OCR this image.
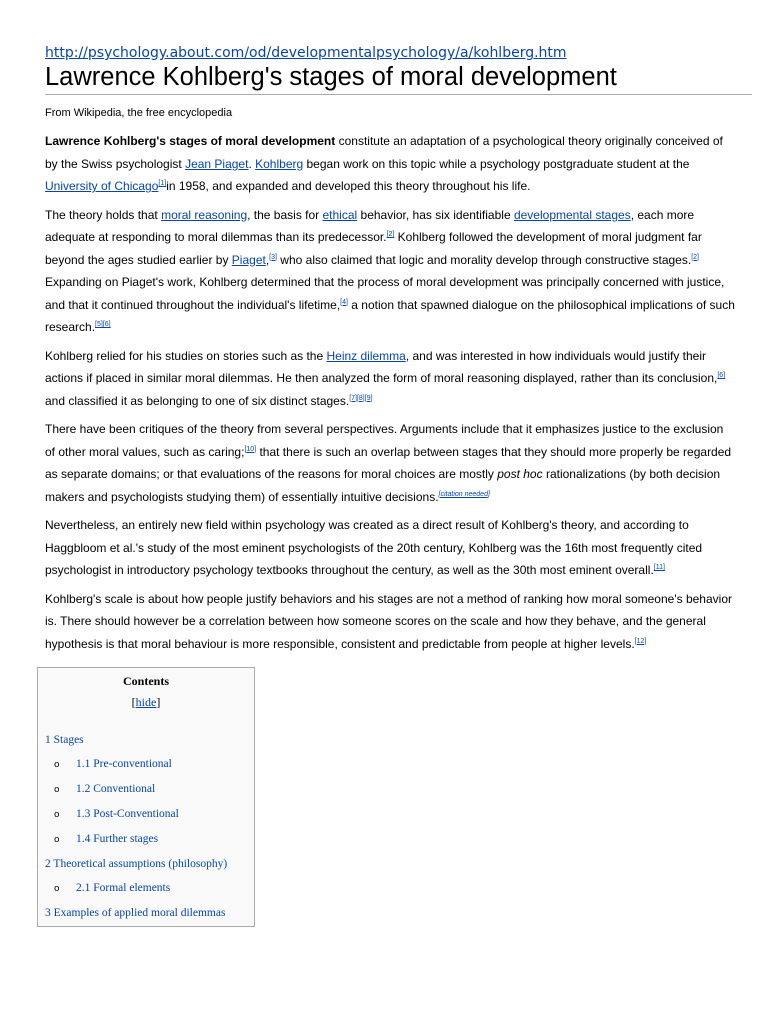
http://psychology.about.com/od/developmentalpsychology/a/kohlberg.htm
Lawrence Kohlberg's stages of moral development
From Wikipedia, the free encyclopedia

Lawrence Kohlberg's stages of moral development constitute an adaptation of a psychological theory originally conceived of by the Swiss psychologist Jean Piaget. Kohlberg began work on this topic while a psychology postgraduate student at the University of Chicago[1]in 1958, and expanded and developed this theory throughout his life.

The theory holds that moral reasoning, the basis for ethical behavior, has six identifiable developmental stages, each more adequate at responding to moral dilemmas than its predecessor.[2] Kohlberg followed the development of moral judgment far beyond the ages studied earlier by Piaget,[3] who also claimed that logic and morality develop through constructive stages.[2] Expanding on Piaget's work, Kohlberg determined that the process of moral development was principally concerned with justice, and that it continued throughout the individual's lifetime,[4] a notion that spawned dialogue on the philosophical implications of such research.[5][6]

Kohlberg relied for his studies on stories such as the Heinz dilemma, and was interested in how individuals would justify their actions if placed in similar moral dilemmas. He then analyzed the form of moral reasoning displayed, rather than its conclusion,[6] and classified it as belonging to one of six distinct stages.[7][8][9]

There have been critiques of the theory from several perspectives. Arguments include that it emphasizes justice to the exclusion of other moral values, such as caring;[10] that there is such an overlap between stages that they should more properly be regarded as separate domains; or that evaluations of the reasons for moral choices are mostly post hoc rationalizations (by both decision makers and psychologists studying them) of essentially intuitive decisions.[citation needed]

Nevertheless, an entirely new field within psychology was created as a direct result of Kohlberg's theory, and according to Haggbloom et al.'s study of the most eminent psychologists of the 20th century, Kohlberg was the 16th most frequently cited psychologist in introductory psychology textbooks throughout the century, as well as the 30th most eminent overall.[11]

Kohlberg's scale is about how people justify behaviors and his stages are not a method of ranking how moral someone's behavior is. There should however be a correlation between how someone scores on the scale and how they behave, and the general hypothesis is that moral behaviour is more responsible, consistent and predictable from people at higher levels.[12]

Contents
[hide]
1 Stages
o 1.1 Pre-conventional
o 1.2 Conventional
o 1.3 Post-Conventional
o 1.4 Further stages
2 Theoretical assumptions (philosophy)
o 2.1 Formal elements
3 Examples of applied moral dilemmas
